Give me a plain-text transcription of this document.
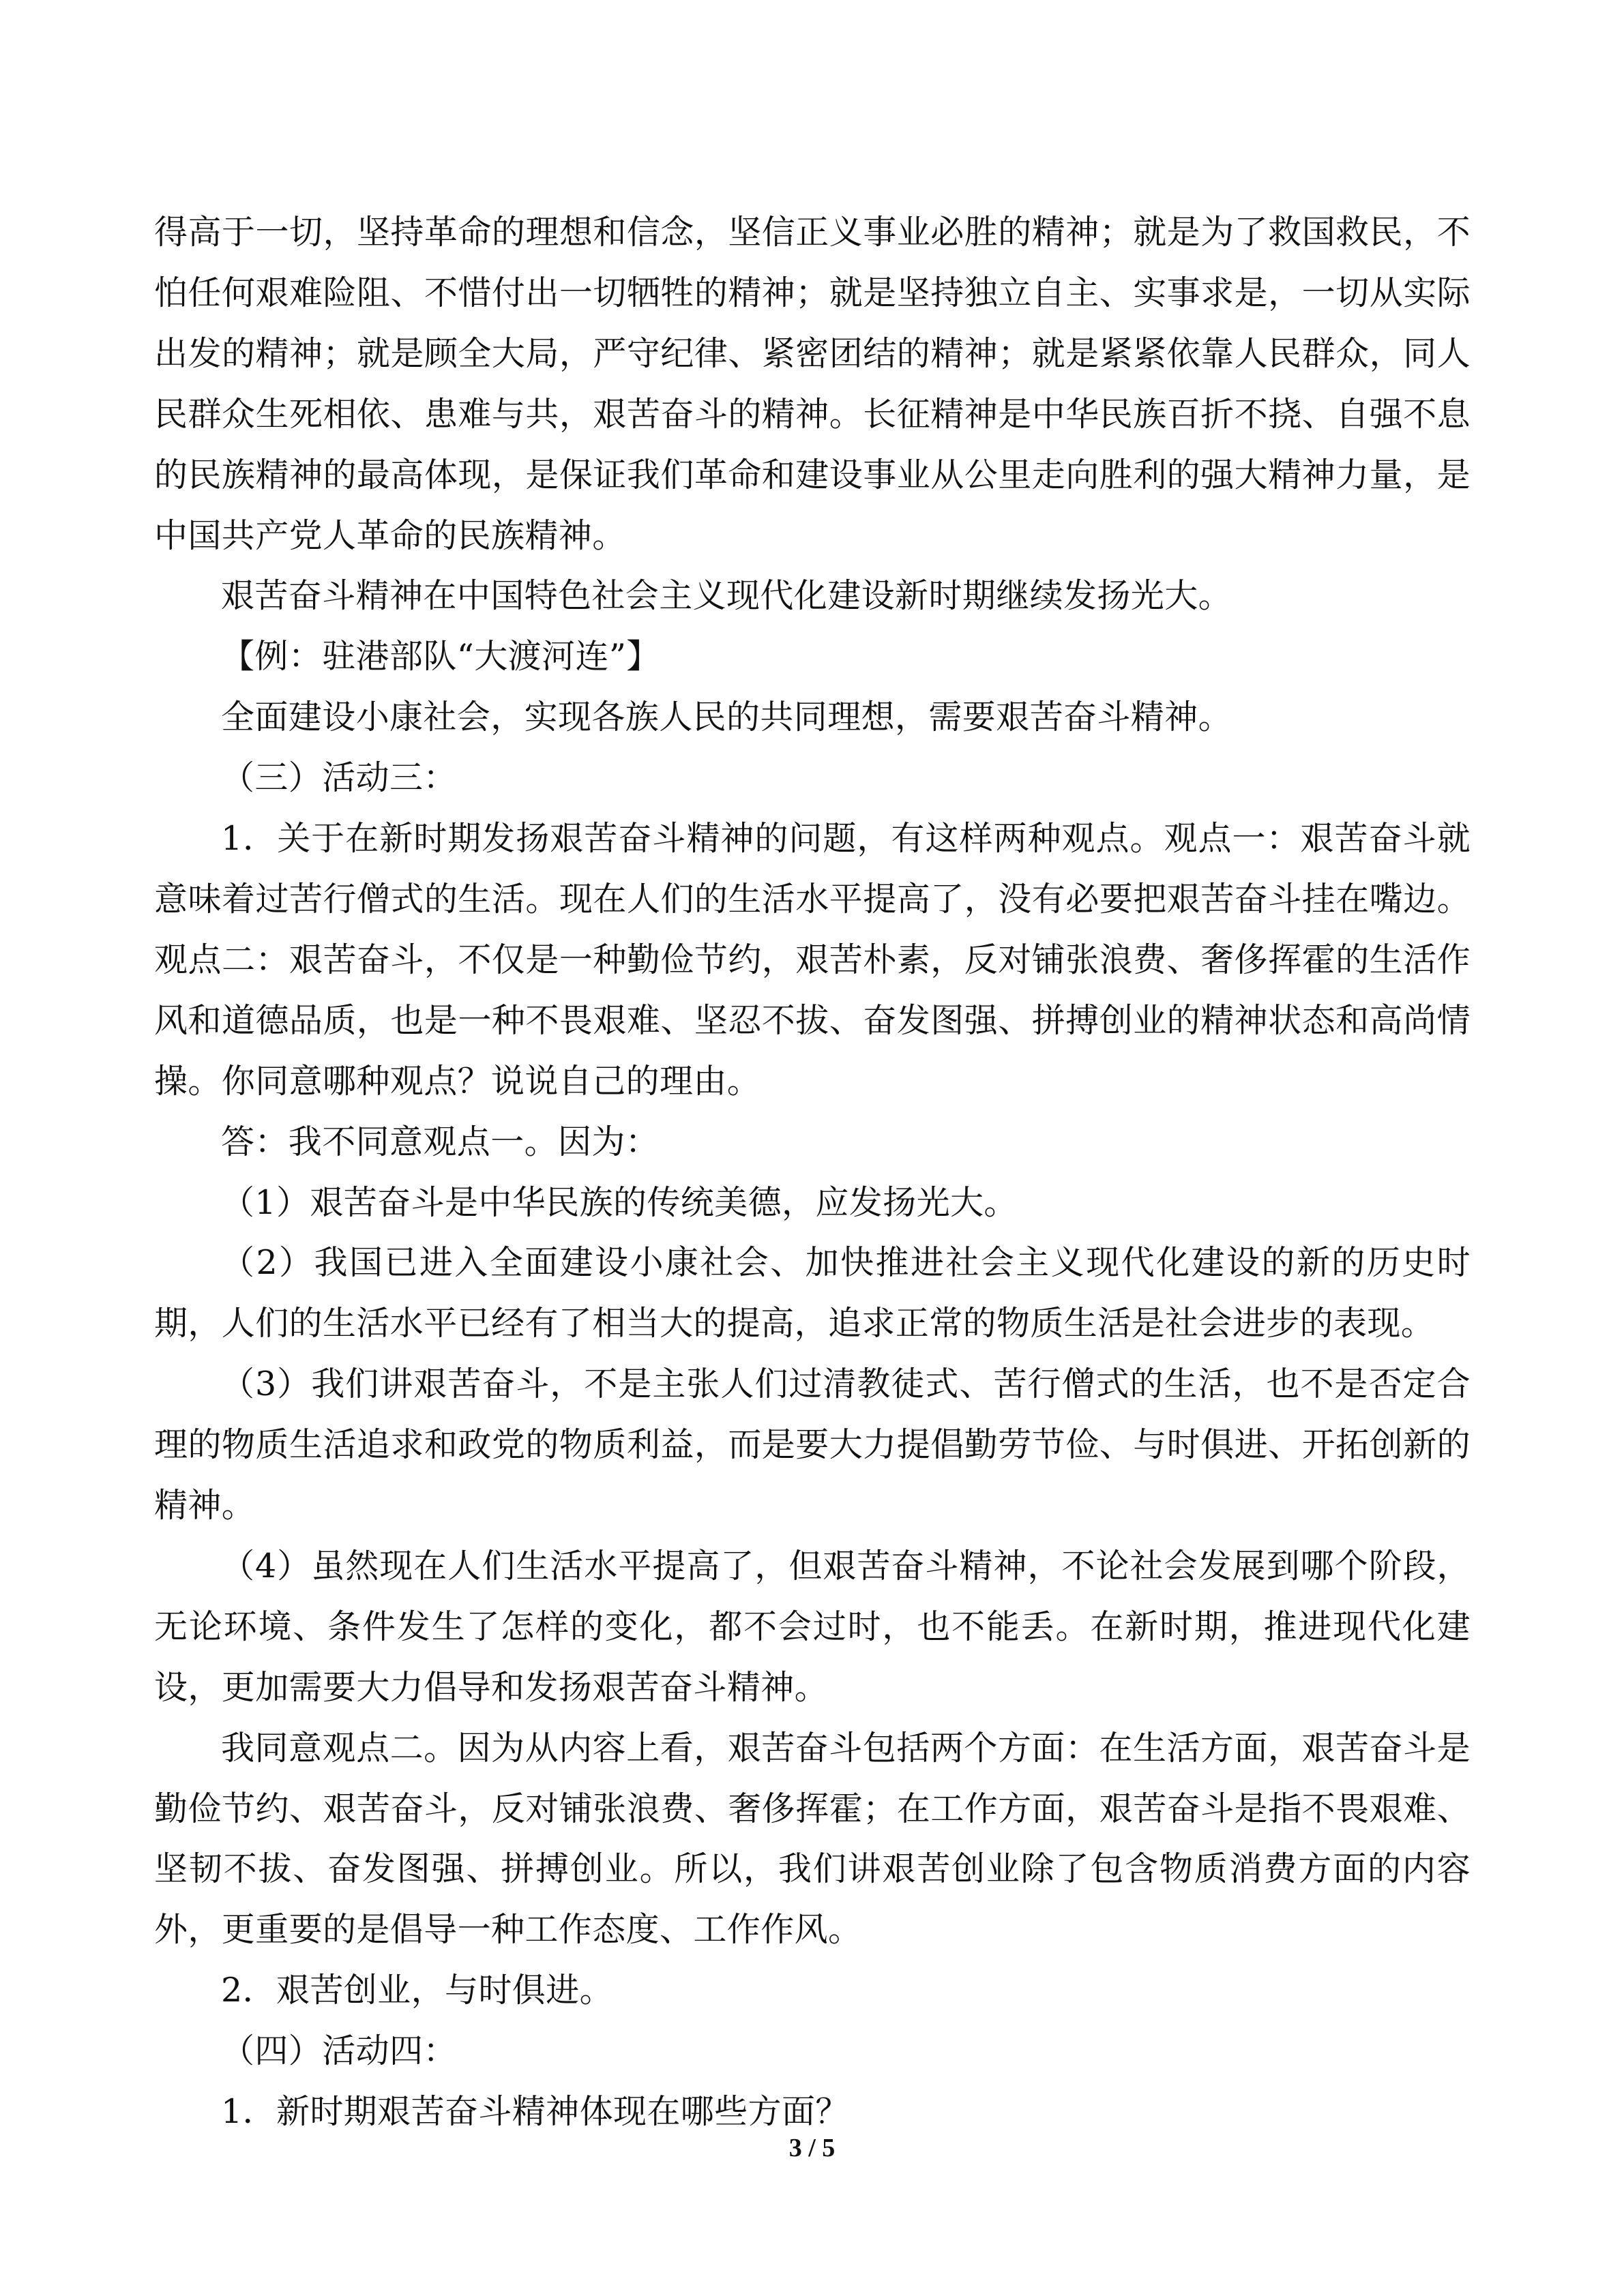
得高于一切，坚持革命的理想和信念，坚信正义事业必胜的精神；就是为了救国救民，不怕任何艰难险阻、不惜付出一切牺牲的精神；就是坚持独立自主、实事求是，一切从实际出发的精神；就是顾全大局，严守纪律、紧密团结的精神；就是紧紧依靠人民群众，同人民群众生死相依、患难与共，艰苦奋斗的精神。长征精神是中华民族百折不挠、自强不息的民族精神的最高体现，是保证我们革命和建设事业从公里走向胜利的强大精神力量，是中国共产党人革命的民族精神。

艰苦奋斗精神在中国特色社会主义现代化建设新时期继续发扬光大。

【例：驻港部队“大渡河连”】

全面建设小康社会，实现各族人民的共同理想，需要艰苦奋斗精神。

（三）活动三：

1．关于在新时期发扬艰苦奋斗精神的问题，有这样两种观点。观点一：艰苦奋斗就意味着过苦行僧式的生活。现在人们的生活水平提高了，没有必要把艰苦奋斗挂在嘴边。观点二：艰苦奋斗，不仅是一种勤俭节约，艰苦朴素，反对铺张浪费、奢侈挥霍的生活作风和道德品质，也是一种不畏艰难、坚忍不拔、奋发图强、拼搏创业的精神状态和高尚情操。你同意哪种观点？说说自己的理由。

答：我不同意观点一。因为：

（1）艰苦奋斗是中华民族的传统美德，应发扬光大。

（2）我国已进入全面建设小康社会、加快推进社会主义现代化建设的新的历史时期，人们的生活水平已经有了相当大的提高，追求正常的物质生活是社会进步的表现。

（3）我们讲艰苦奋斗，不是主张人们过清教徒式、苦行僧式的生活，也不是否定合理的物质生活追求和政党的物质利益，而是要大力提倡勤劳节俭、与时俱进、开拓创新的精神。

（4）虽然现在人们生活水平提高了，但艰苦奋斗精神，不论社会发展到哪个阶段，无论环境、条件发生了怎样的变化，都不会过时，也不能丢。在新时期，推进现代化建设，更加需要大力倡导和发扬艰苦奋斗精神。

我同意观点二。因为从内容上看，艰苦奋斗包括两个方面：在生活方面，艰苦奋斗是勤俭节约、艰苦奋斗，反对铺张浪费、奢侈挥霍；在工作方面，艰苦奋斗是指不畏艰难、坚韧不拔、奋发图强、拼搏创业。所以，我们讲艰苦创业除了包含物质消费方面的内容外，更重要的是倡导一种工作态度、工作作风。

2．艰苦创业，与时俱进。

（四）活动四：

1．新时期艰苦奋斗精神体现在哪些方面？

3 / 5
